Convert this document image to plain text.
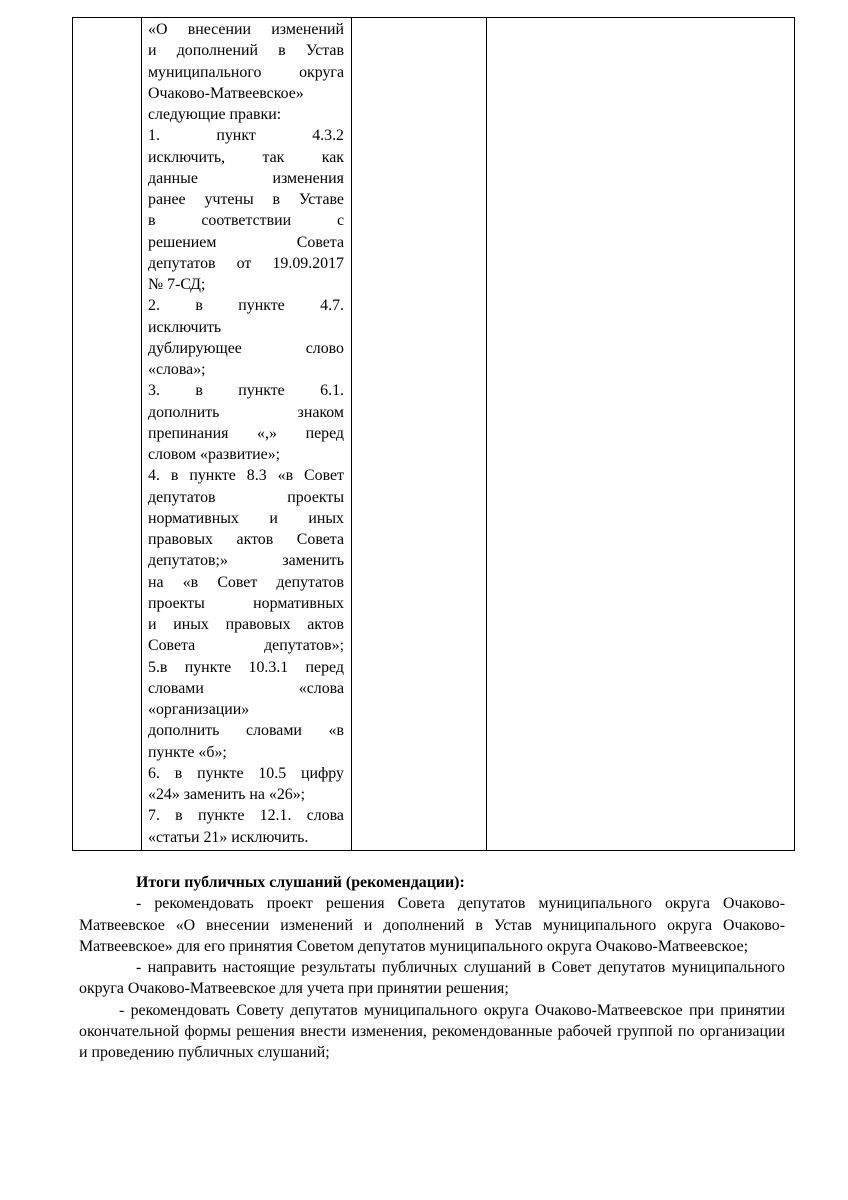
«О внесении изменений
и дополнений в Устав
муниципального округа
Очаково-Матвеевское»
следующие правки:
1. пункт 4.3.2
исключить, так как
данные изменения
ранее учтены в Уставе
в соответствии с
решением Совета
депутатов от 19.09.2017
№ 7-СД;
2. в пункте 4.7.
исключить
дублирующее слово
«слова»;
3. в пункте 6.1.
дополнить знаком
препинания «,» перед
словом «развитие»;
4. в пункте 8.3 «в Совет
депутатов проекты
нормативных и иных
правовых актов Совета
депутатов;» заменить
на «в Совет депутатов
проекты нормативных
и иных правовых актов
Совета депутатов»;
5.в пункте 10.3.1 перед
словами «слова
«организации»
дополнить словами «в
пункте «б»;
6. в пункте 10.5 цифру
«24» заменить на «26»;
7. в пункте 12.1. слова
«статьи 21» исключить.

Итоги публичных слушаний (рекомендации):

- рекомендовать проект решения Совета депутатов муниципального округа Очаково-Матвеевское «О внесении изменений и дополнений в Устав муниципального округа Очаково-Матвеевское» для его принятия Советом депутатов муниципального округа Очаково-Матвеевское;

- направить настоящие результаты публичных слушаний в Совет депутатов муниципального округа Очаково-Матвеевское для учета при принятии решения;

- рекомендовать Совету депутатов муниципального округа Очаково-Матвеевское при принятии окончательной формы решения внести изменения, рекомендованные рабочей группой по организации и проведению публичных слушаний;
